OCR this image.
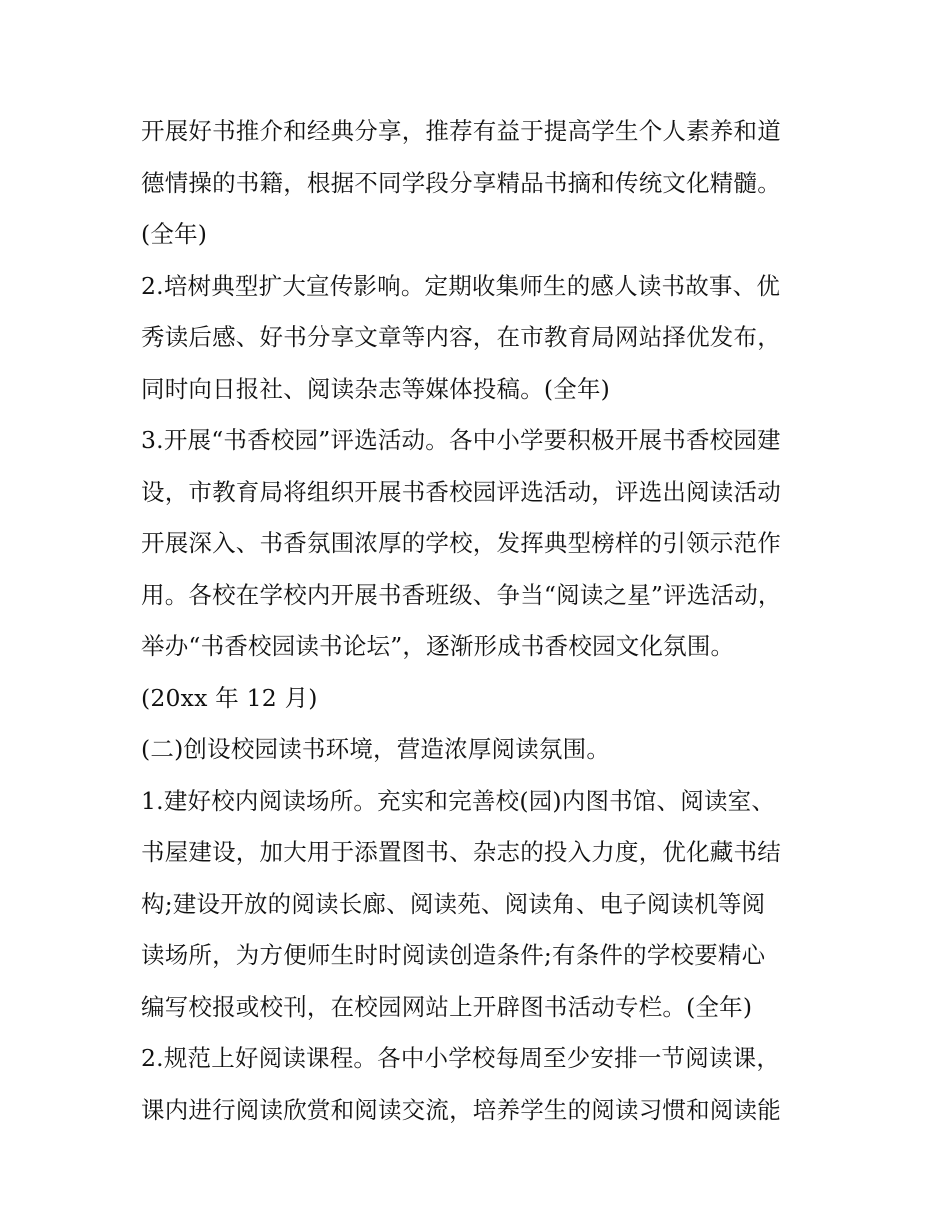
开展好书推介和经典分享，推荐有益于提高学生个人素养和道
德情操的书籍，根据不同学段分享精品书摘和传统文化精髓。
(全年)
2.培树典型扩大宣传影响。定期收集师生的感人读书故事、优
秀读后感、好书分享文章等内容，在市教育局网站择优发布，
同时向日报社、阅读杂志等媒体投稿。(全年)
3.开展“书香校园”评选活动。各中小学要积极开展书香校园建
设，市教育局将组织开展书香校园评选活动，评选出阅读活动
开展深入、书香氛围浓厚的学校，发挥典型榜样的引领示范作
用。各校在学校内开展书香班级、争当“阅读之星”评选活动，
举办“书香校园读书论坛”，逐渐形成书香校园文化氛围。
(20xx 年 12 月)
(二)创设校园读书环境，营造浓厚阅读氛围。
1.建好校内阅读场所。充实和完善校(园)内图书馆、阅读室、
书屋建设，加大用于添置图书、杂志的投入力度，优化藏书结
构;建设开放的阅读长廊、阅读苑、阅读角、电子阅读机等阅
读场所，为方便师生时时阅读创造条件;有条件的学校要精心
编写校报或校刊，在校园网站上开辟图书活动专栏。(全年)
2.规范上好阅读课程。各中小学校每周至少安排一节阅读课，
课内进行阅读欣赏和阅读交流，培养学生的阅读习惯和阅读能
